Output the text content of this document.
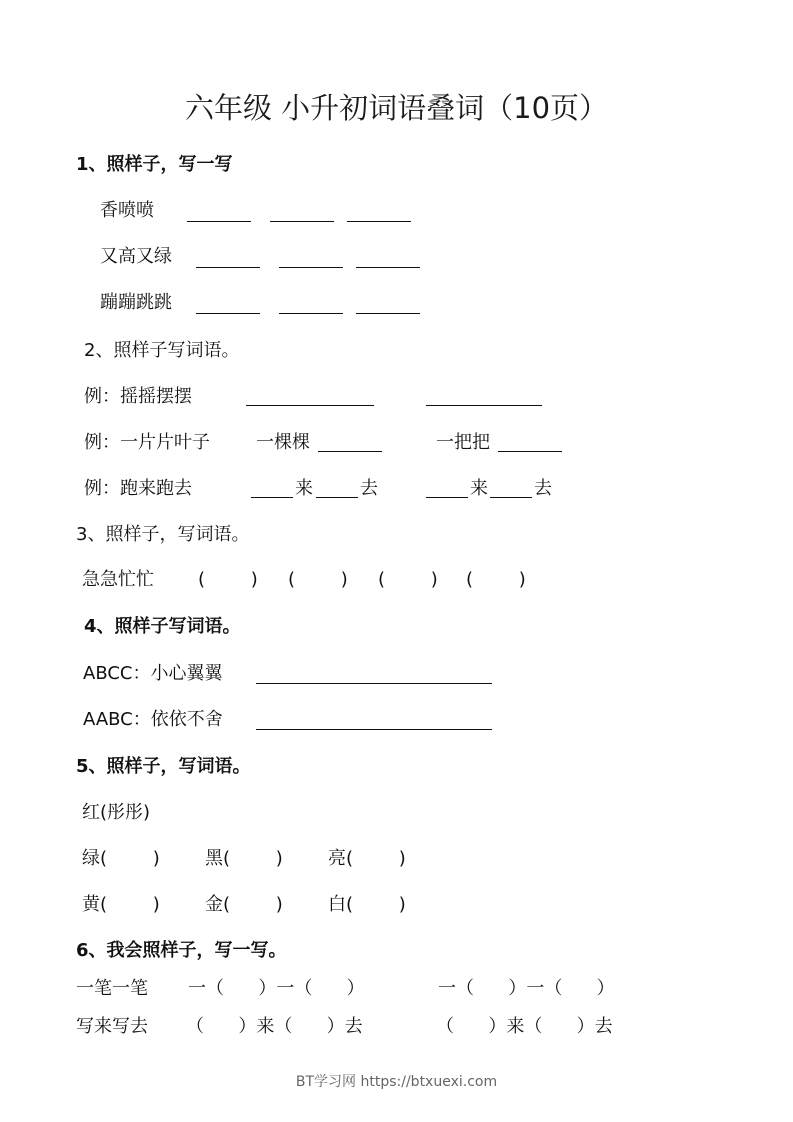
六年级 小升初词语叠词（10页）
1、照样子，写一写
香喷喷
又高又绿
蹦蹦跳跳
2、照样子写词语。
例：摇摇摆摆
例：一片片叶子	一棵棵	一把把
例：跑来跑去	来	去	来	去
3、照样子，写词语。
急急忙忙 (        ) (        ) (        ) (        )
4、照样子写词语。
ABCC：小心翼翼
AABC：依依不舍
5、照样子，写词语。
红(彤彤)
绿(        )	黑(        )	亮(        )
黄(        )	金(        )	白(        )
6、我会照样子，写一写。
一笔一笔 一（      ）一（      ）	一（      ）一（      ）
写来写去 （      ）来（      ）去	（      ）来（      ）去
BT学习网 https://btxuexi.com
